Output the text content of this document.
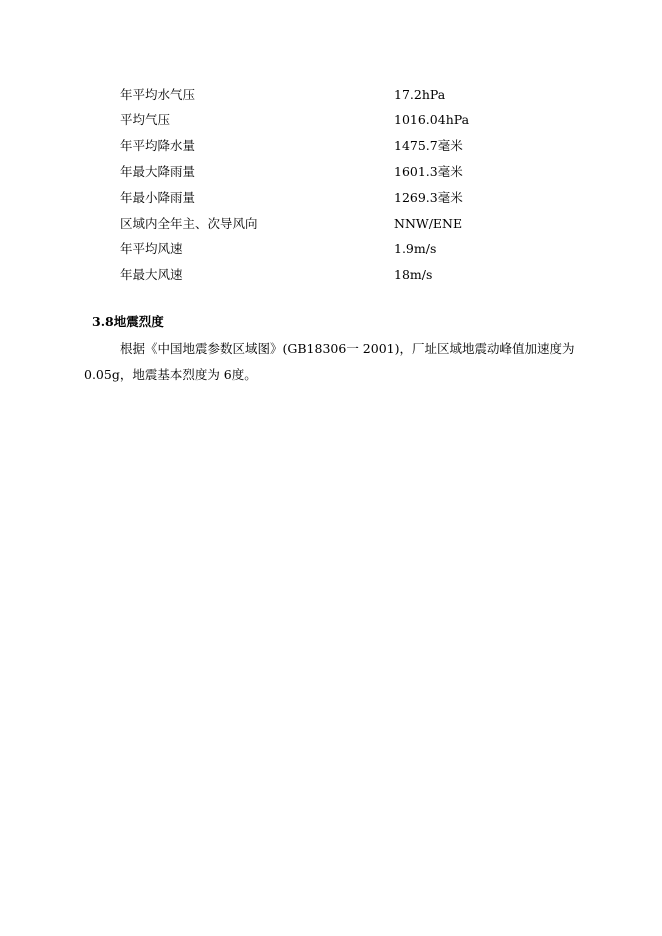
年平均水气压	17.2hPa
平均气压	1016.04hPa
年平均降水量	1475.7毫米
年最大降雨量	1601.3毫米
年最小降雨量	1269.3毫米
区域内全年主、次导风向	NNW/ENE
年平均风速	1.9m/s
年最大风速	18m/s
3.8地震烈度
根据《中国地震参数区域图》(GB18306一 2001)，厂址区域地震动峰值加速度为
0.05g，地震基本烈度为 6度。
